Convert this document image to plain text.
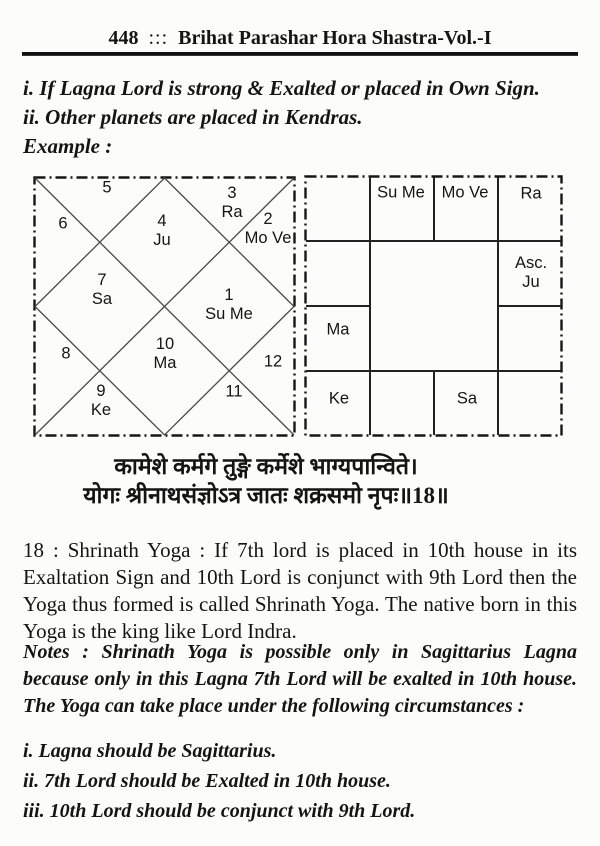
448 ::: Brihat Parashar Hora Shastra-Vol.-I
i. If Lagna Lord is strong & Exalted or placed in Own Sign.
ii. Other planets are placed in Kendras.
Example :
1
Su Me
2
Mo Ve
3
Ra
4
Ju
5
6
7
Sa
8
9
Ke
10
Ma
11
12
Su Me Mo Ve Ra
Asc.
Ju
Ma
Ke	Sa
कामेशे कर्मगे तुङ्गे कर्मेशे भाग्यपान्विते।
योगः श्रीनाथसंज्ञोऽत्र जातः शक्रसमो नृपः॥18॥
18 : Shrinath Yoga : If 7th lord is placed in 10th house in its Exaltation Sign and 10th Lord is conjunct with 9th Lord then the Yoga thus formed is called Shrinath Yoga. The native born in this Yoga is the king like Lord Indra.
Notes : Shrinath Yoga is possible only in Sagittarius Lagna because only in this Lagna 7th Lord will be exalted in 10th house. The Yoga can take place under the following circumstances :
i. Lagna should be Sagittarius.
ii. 7th Lord should be Exalted in 10th house.
iii. 10th Lord should be conjunct with 9th Lord.
